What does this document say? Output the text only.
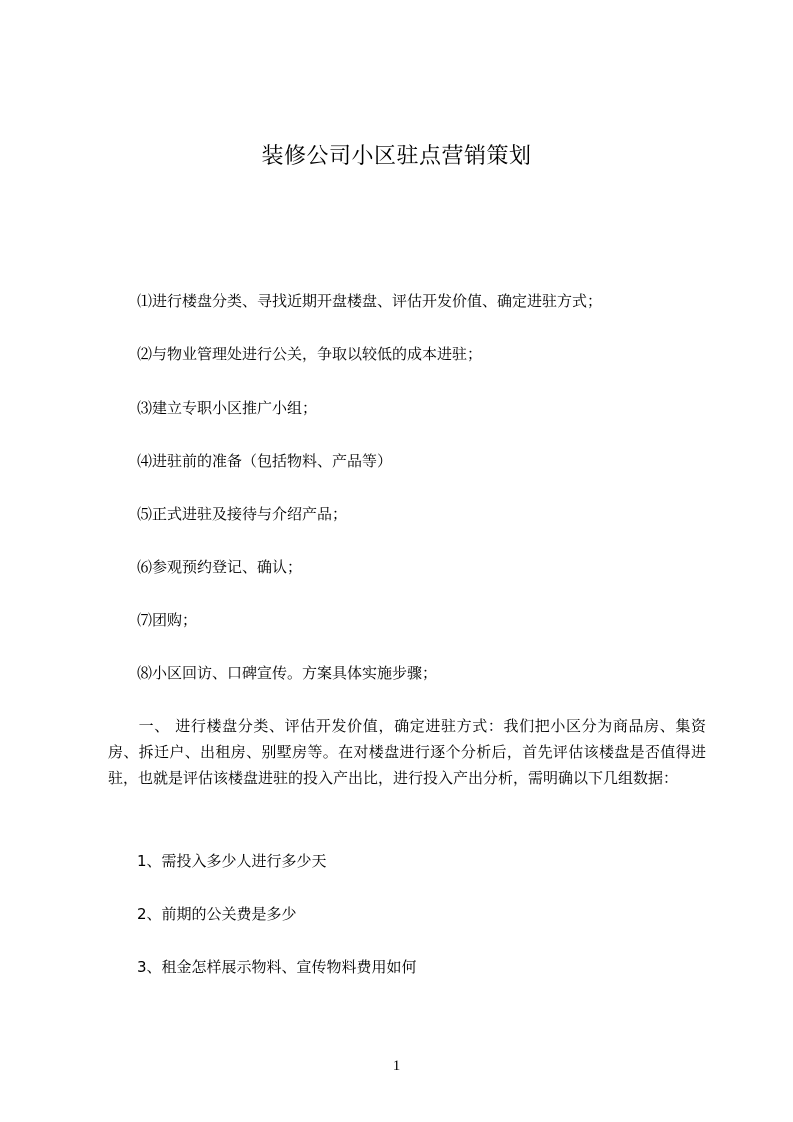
装修公司小区驻点营销策划
⑴进行楼盘分类、寻找近期开盘楼盘、评估开发价值、确定进驻方式；
⑵与物业管理处进行公关，争取以较低的成本进驻；
⑶建立专职小区推广小组；
⑷进驻前的准备（包括物料、产品等）
⑸正式进驻及接待与介绍产品；
⑹参观预约登记、确认；
⑺团购；
⑻小区回访、口碑宣传。方案具体实施步骤；

一、 进行楼盘分类、评估开发价值，确定进驻方式：我们把小区分为商品房、集资房、拆迁户、出租房、别墅房等。在对楼盘进行逐个分析后，首先评估该楼盘是否值得进驻，也就是评估该楼盘进驻的投入产出比，进行投入产出分析，需明确以下几组数据：

1、需投入多少人进行多少天
2、前期的公关费是多少
3、租金怎样展示物料、宣传物料费用如何
1
